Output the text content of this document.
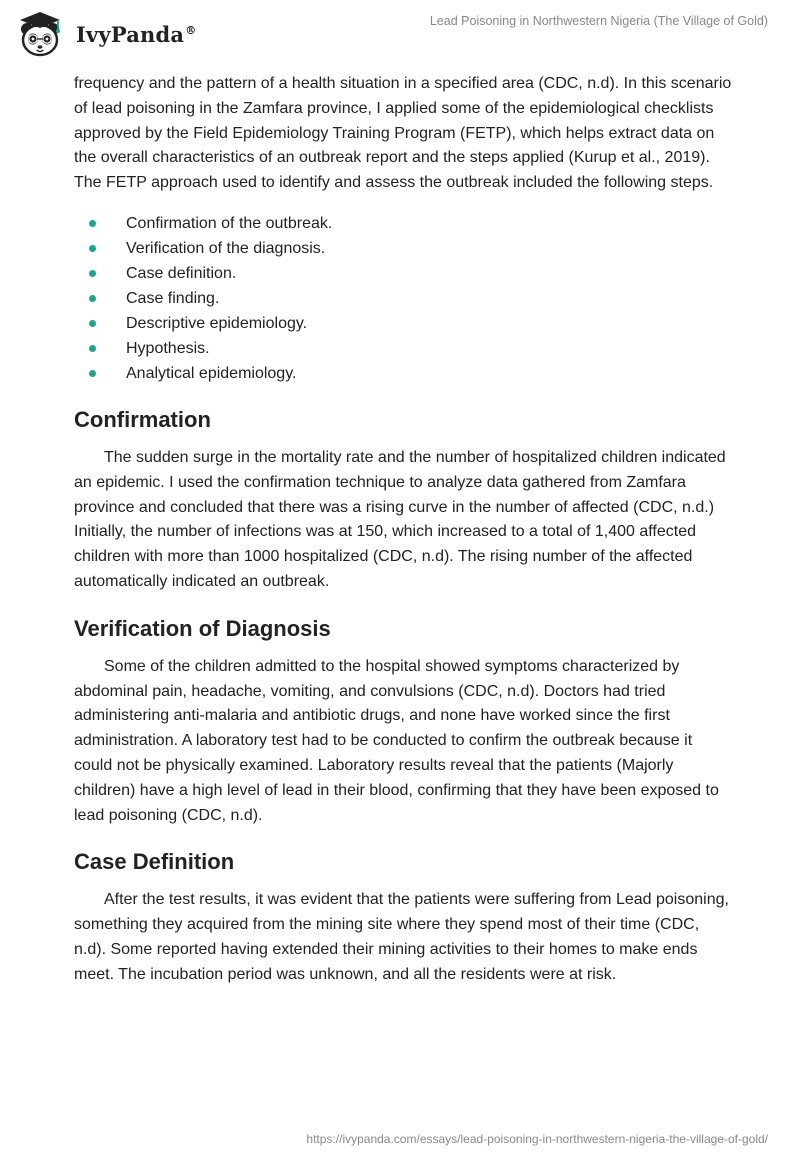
IvyPanda®
Lead Poisoning in Northwestern Nigeria (The Village of Gold)

frequency and the pattern of a health situation in a specified area (CDC, n.d). In this scenario of lead poisoning in the Zamfara province, I applied some of the epidemiological checklists approved by the Field Epidemiology Training Program (FETP), which helps extract data on the overall characteristics of an outbreak report and the steps applied (Kurup et al., 2019). The FETP approach used to identify and assess the outbreak included the following steps.

Confirmation of the outbreak.
Verification of the diagnosis.
Case definition.
Case finding.
Descriptive epidemiology.
Hypothesis.
Analytical epidemiology.
Confirmation

The sudden surge in the mortality rate and the number of hospitalized children indicated an epidemic. I used the confirmation technique to analyze data gathered from Zamfara province and concluded that there was a rising curve in the number of affected (CDC, n.d.) Initially, the number of infections was at 150, which increased to a total of 1,400 affected children with more than 1000 hospitalized (CDC, n.d). The rising number of the affected automatically indicated an outbreak.

Verification of Diagnosis

Some of the children admitted to the hospital showed symptoms characterized by abdominal pain, headache, vomiting, and convulsions (CDC, n.d). Doctors had tried administering anti-malaria and antibiotic drugs, and none have worked since the first administration. A laboratory test had to be conducted to confirm the outbreak because it could not be physically examined. Laboratory results reveal that the patients (Majorly children) have a high level of lead in their blood, confirming that they have been exposed to lead poisoning (CDC, n.d).

Case Definition

After the test results, it was evident that the patients were suffering from Lead poisoning, something they acquired from the mining site where they spend most of their time (CDC, n.d). Some reported having extended their mining activities to their homes to make ends meet. The incubation period was unknown, and all the residents were at risk.

https://ivypanda.com/essays/lead-poisoning-in-northwestern-nigeria-the-village-of-gold/
